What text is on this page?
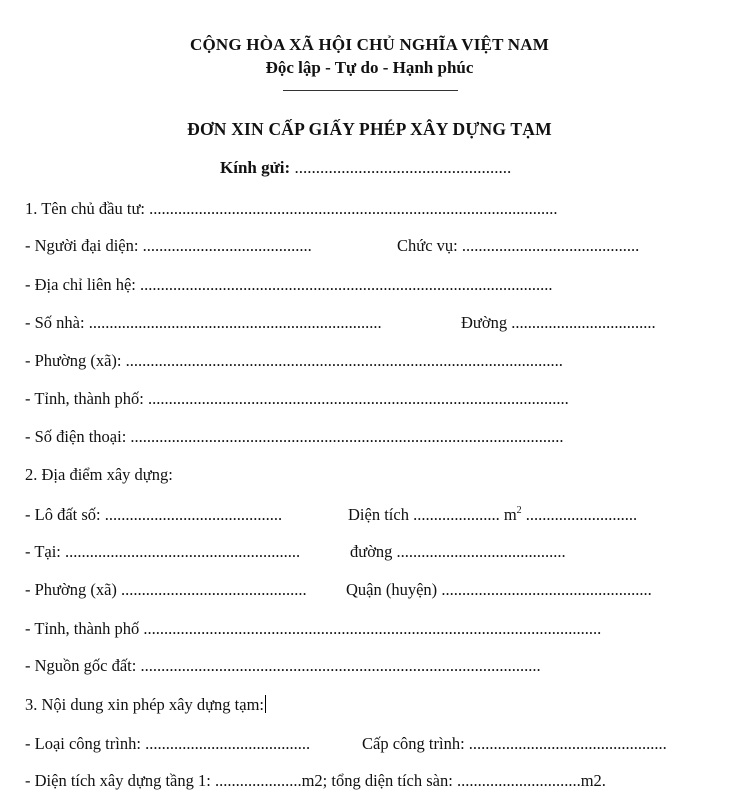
CỘNG HÒA XÃ HỘI CHỦ NGHĨA VIỆT NAM
Độc lập - Tự do - Hạnh phúc
ĐƠN XIN CẤP GIẤY PHÉP XÂY DỰNG TẠM
Kính gửi: ...................................................
1. Tên chủ đầu tư: ...................................................................................................
- Người đại diện: .........................................	Chức vụ: ...........................................
- Địa chỉ liên hệ: ....................................................................................................
- Số nhà: .......................................................................	Đường ...................................
- Phường (xã): ..........................................................................................................
- Tỉnh, thành phố: ......................................................................................................
- Số điện thoại: .........................................................................................................
2. Địa điểm xây dựng:
- Lô đất số: ...........................................	Diện tích ..................... $m^2$ ...........................
- Tại: .........................................................	đường .........................................
- Phường (xã) ............................................. Quận (huyện) ...................................................
- Tỉnh, thành phố ...............................................................................................................
- Nguồn gốc đất: .................................................................................................
3. Nội dung xin phép xây dựng tạm:
- Loại công trình: ........................................	Cấp công trình: ................................................
- Diện tích xây dựng tầng 1: .....................m2; tổng diện tích sàn: ..............................m2.
